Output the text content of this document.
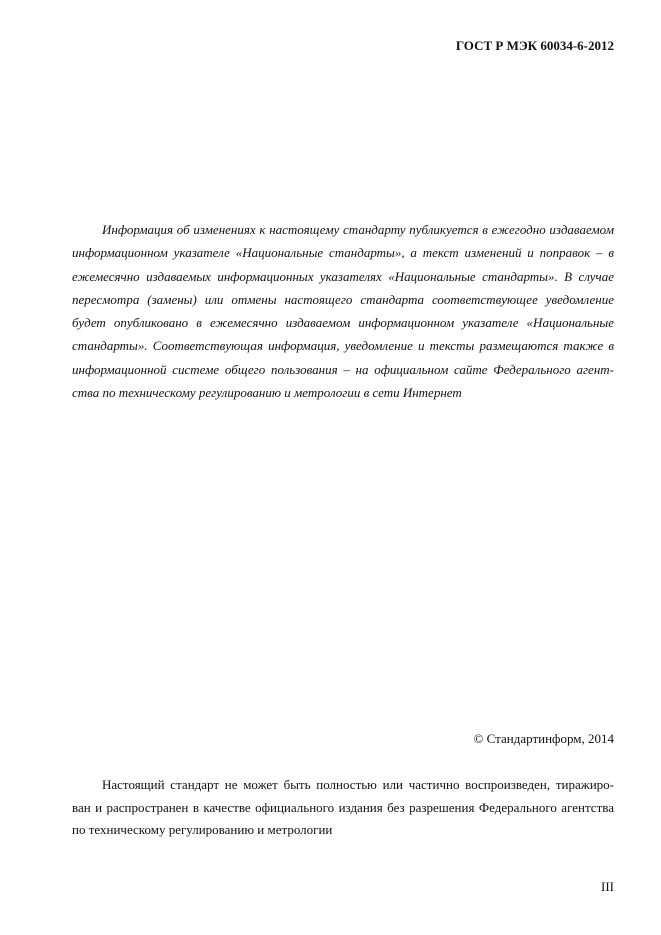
ГОСТ Р МЭК 60034-6-2012
Информация об изменениях к настоящему стандарту публикуется в ежегодно издаваемом
информационном указателе «Национальные стандарты», а текст изменений и поправок – в
ежемесячно издаваемых информационных указателях «Национальные стандарты». В случае
пересмотра (замены) или отмены настоящего стандарта соответствующее уведомление
будет опубликовано в ежемесячно издаваемом информационном указателе «Национальные
стандарты». Соответствующая информация, уведомление и тексты размещаются также в
информационной системе общего пользования – на официальном сайте Федерального агент-
ства по техническому регулированию и метрологии в сети Интернет
© Стандартинформ, 2014
Настоящий стандарт не может быть полностью или частично воспроизведен, тиражиро-
ван и распространен в качестве официального издания без разрешения Федерального агентства
по техническому регулированию и метрологии
III
